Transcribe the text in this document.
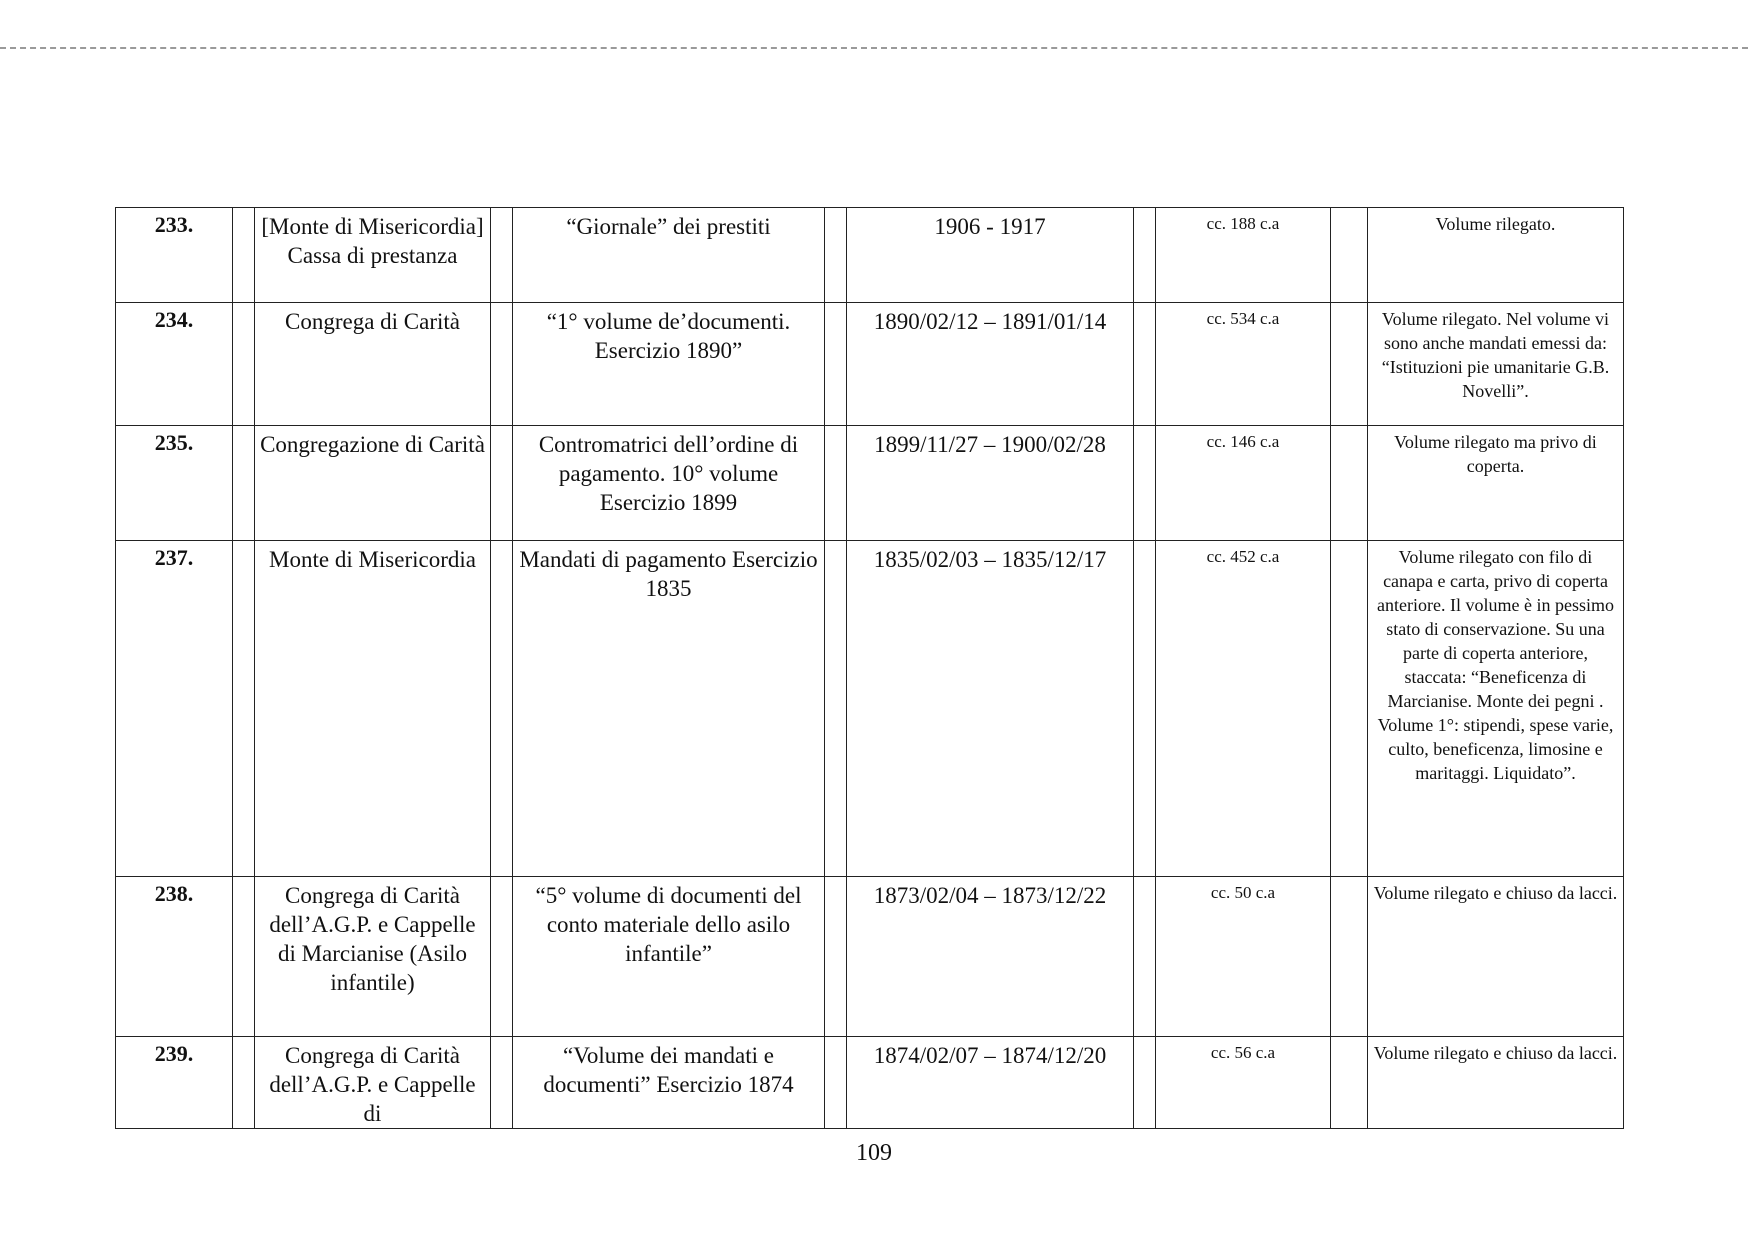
233.		[Monte di Misericordia] Cassa di prestanza		“Giornale” dei prestiti		1906 - 1917		cc. 188 c.a		Volume rilegato.
234.		Congrega di Carità		“1° volume de’documenti. Esercizio 1890”		1890/02/12 – 1891/01/14		cc. 534 c.a		Volume rilegato. Nel volume vi sono anche mandati emessi da: “Istituzioni pie umanitarie G.B. Novelli”.
235.		Congregazione di Carità		Contromatrici dell’ordine di pagamento. 10° volume Esercizio 1899		1899/11/27 – 1900/02/28		cc. 146 c.a		Volume rilegato ma privo di coperta.
237.		Monte di Misericordia		Mandati di pagamento Esercizio 1835		1835/02/03 – 1835/12/17		cc. 452 c.a		Volume rilegato con filo di canapa e carta, privo di coperta anteriore. Il volume è in pessimo stato di conservazione. Su una parte di coperta anteriore, staccata: “Beneficenza di Marcianise. Monte dei pegni . Volume 1°: stipendi, spese varie, culto, beneficenza, limosine e maritaggi. Liquidato”.
238.		Congrega di Carità dell’A.G.P. e Cappelle di Marcianise (Asilo infantile)		“5° volume di documenti del conto materiale dello asilo infantile”		1873/02/04 – 1873/12/22		cc. 50 c.a		Volume rilegato e chiuso da lacci.
239.		Congrega di Carità dell’A.G.P. e Cappelle di		“Volume dei mandati e documenti” Esercizio 1874		1874/02/07 – 1874/12/20		cc. 56 c.a		Volume rilegato e chiuso da lacci.
109
